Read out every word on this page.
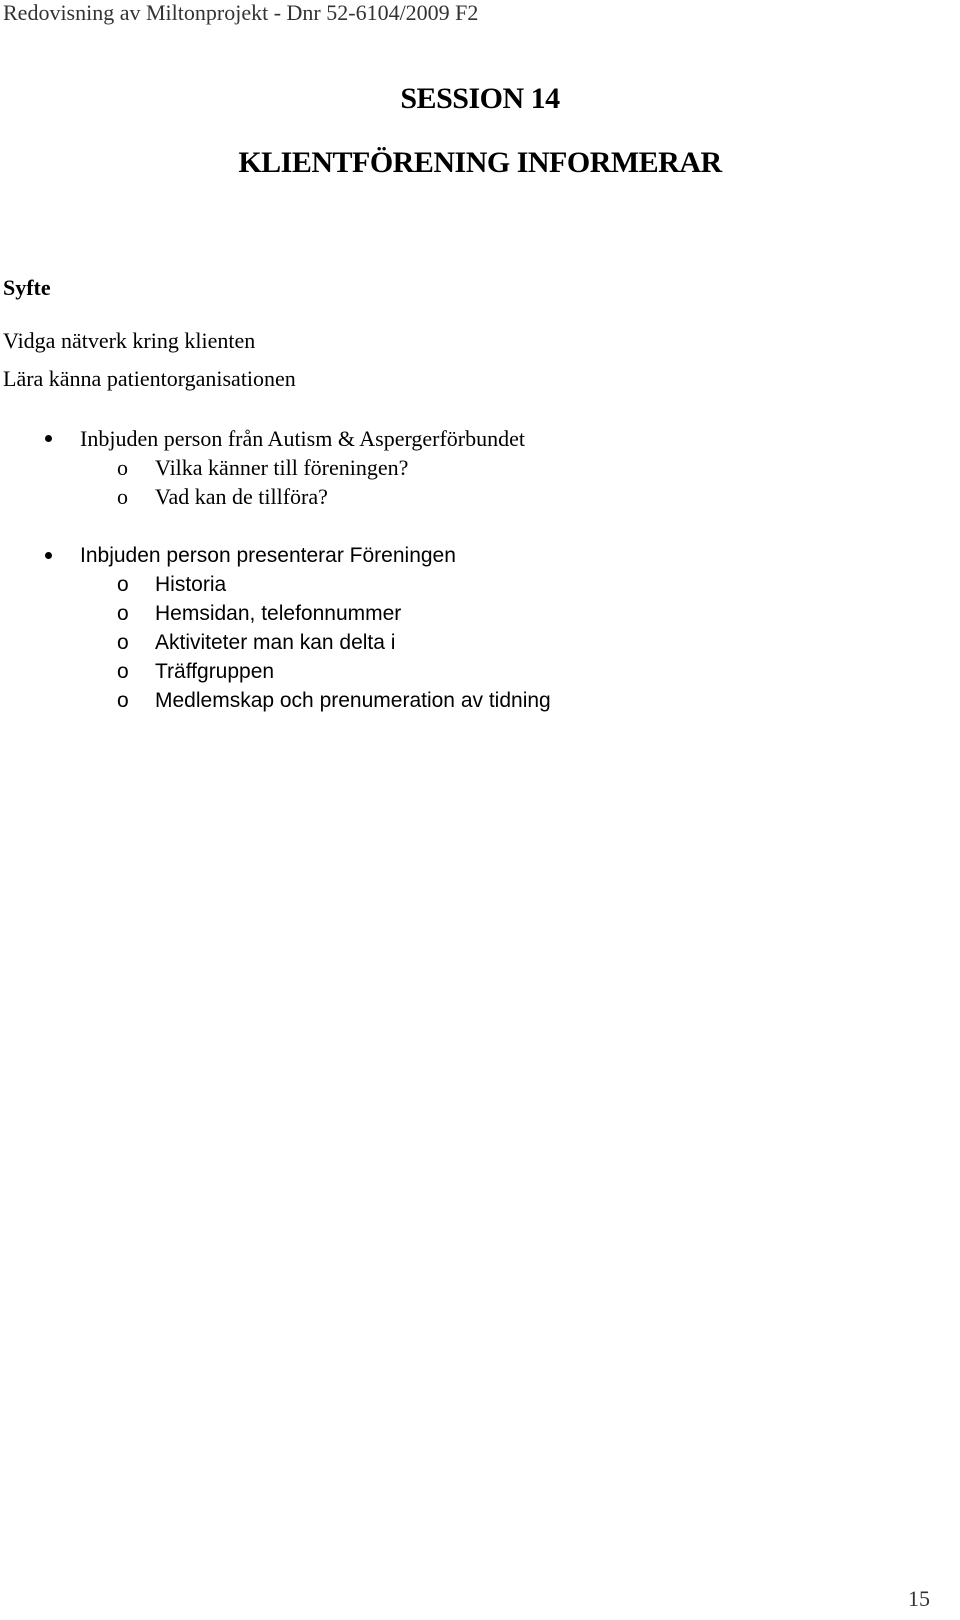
Redovisning av Miltonprojekt - Dnr 52-6104/2009 F2
SESSION 14
KLIENTFÖRENING INFORMERAR
Syfte
Vidga nätverk kring klienten
Lära känna patientorganisationen
Inbjuden person från Autism & Aspergerförbundet
o Vilka känner till föreningen?
o Vad kan de tillföra?
Inbjuden person presenterar Föreningen
o Historia
o Hemsidan, telefonnummer
o Aktiviteter man kan delta i
o Träffgruppen
o Medlemskap och prenumeration av tidning
15
